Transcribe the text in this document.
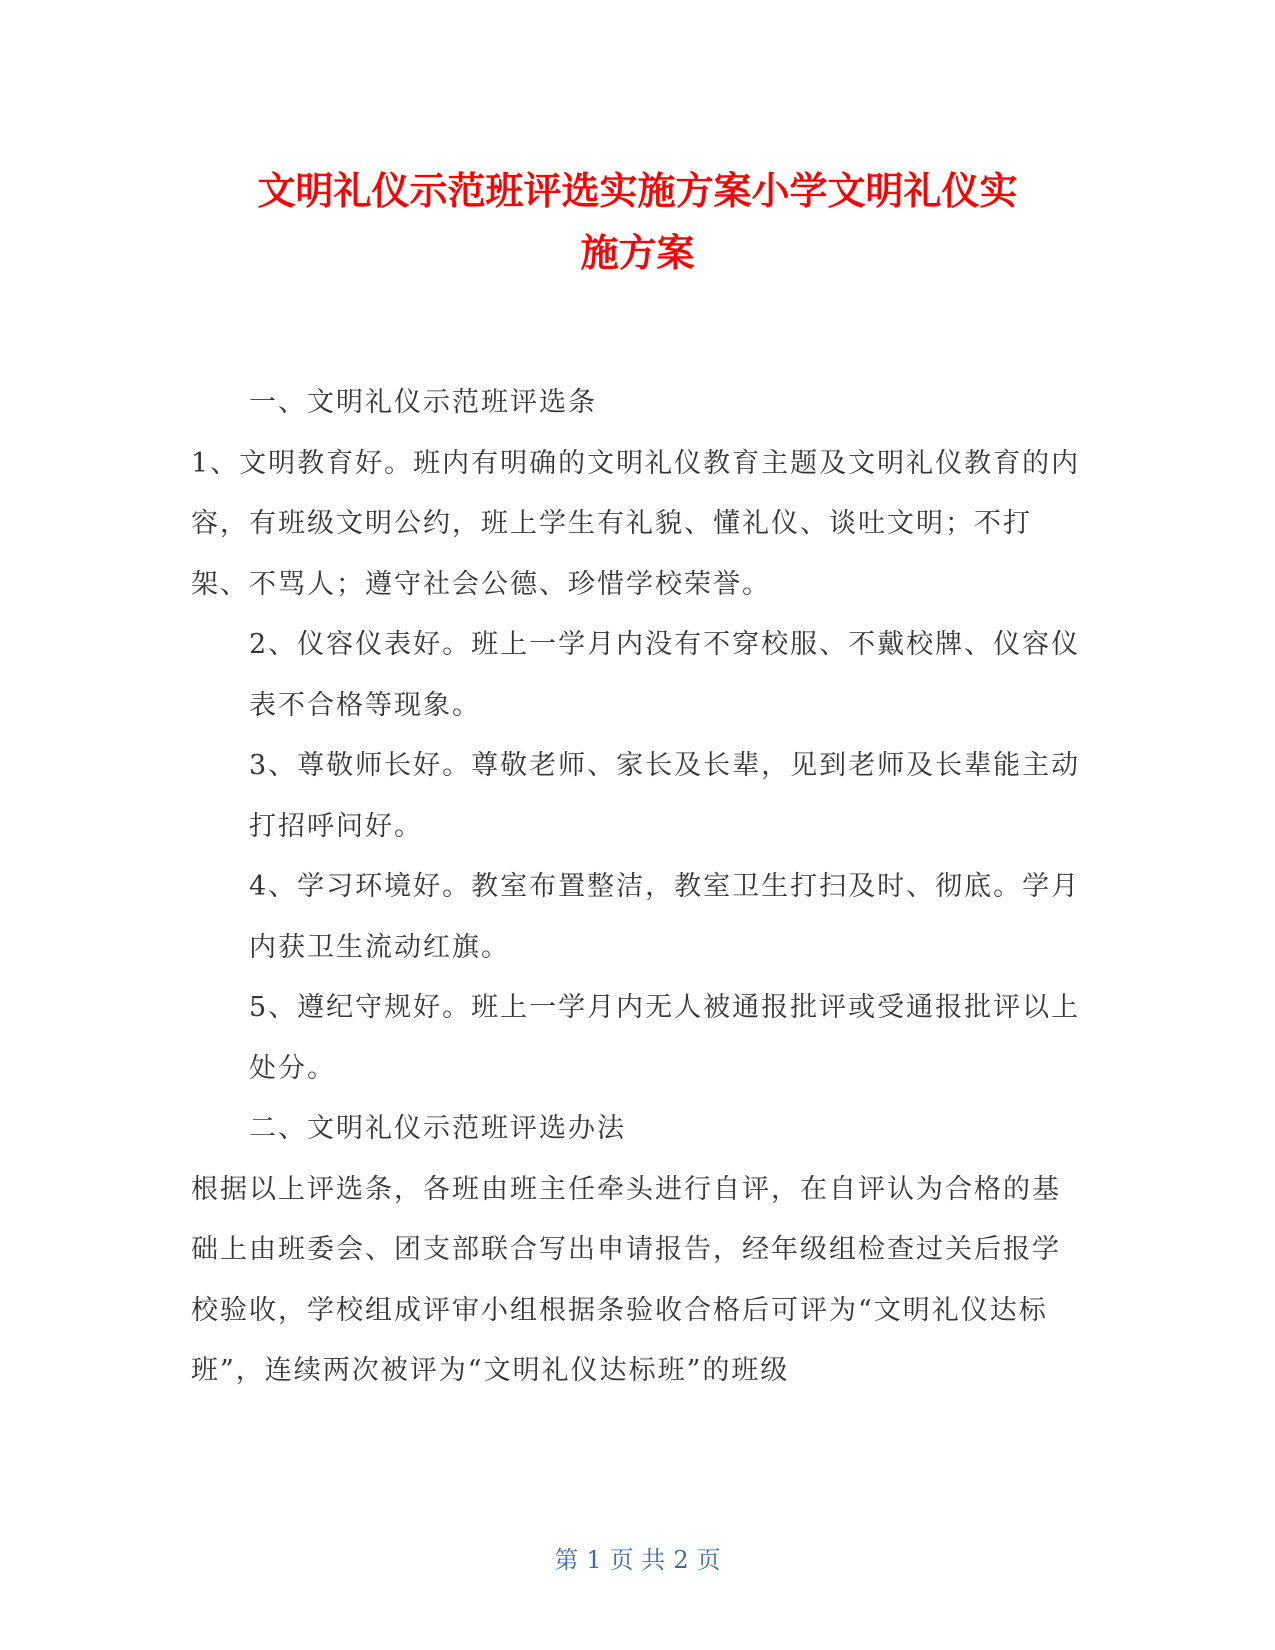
文明礼仪示范班评选实施方案小学文明礼仪实
施方案

一、文明礼仪示范班评选条

1、文明教育好。班内有明确的文明礼仪教育主题及文明礼仪教育的内容，有班级文明公约，班上学生有礼貌、懂礼仪、谈吐文明；不打架、不骂人；遵守社会公德、珍惜学校荣誉。

2、仪容仪表好。班上一学月内没有不穿校服、不戴校牌、仪容仪表不合格等现象。

3、尊敬师长好。尊敬老师、家长及长辈，见到老师及长辈能主动打招呼问好。

4、学习环境好。教室布置整洁，教室卫生打扫及时、彻底。学月内获卫生流动红旗。

5、遵纪守规好。班上一学月内无人被通报批评或受通报批评以上处分。

二、文明礼仪示范班评选办法

根据以上评选条，各班由班主任牵头进行自评，在自评认为合格的基础上由班委会、团支部联合写出申请报告，经年级组检查过关后报学校验收，学校组成评审小组根据条验收合格后可评为“文明礼仪达标班”，连续两次被评为“文明礼仪达标班”的班级

第 1 页 共 2 页
